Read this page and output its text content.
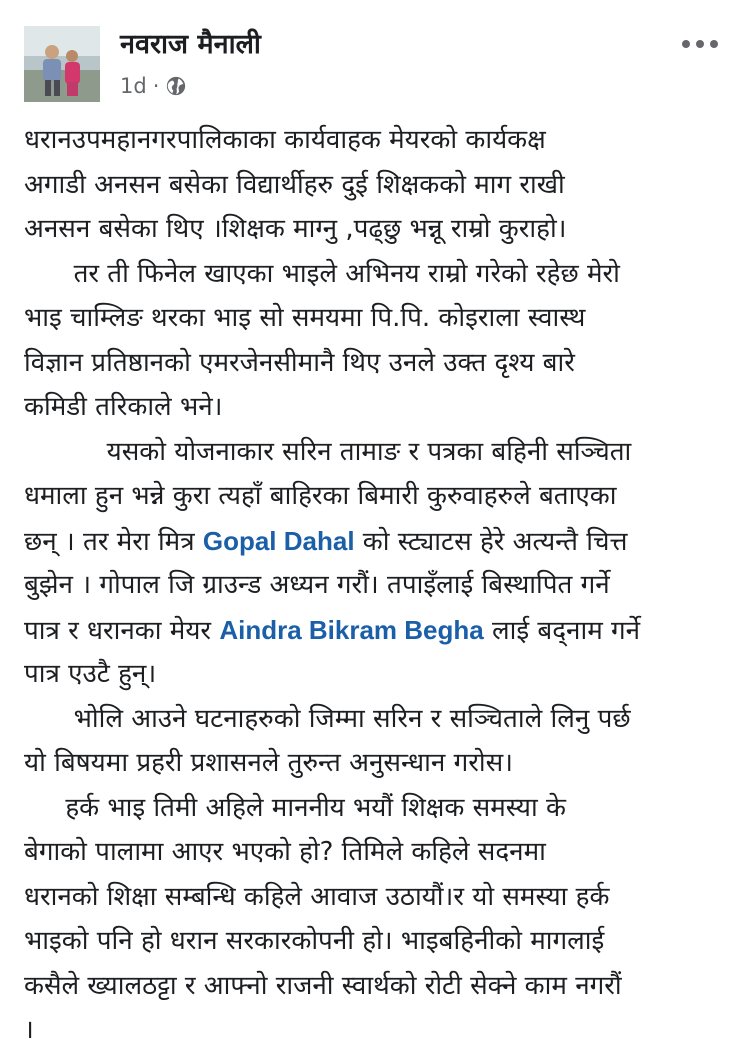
नवराज मैनाली
1d ·
धरानउपमहानगरपालिकाका कार्यवाहक मेयरको कार्यकक्ष
अगाडी अनसन बसेका विद्यार्थीहरु दुई शिक्षकको माग राखी
अनसन बसेका थिए ।शिक्षक माग्नु ,पढ्छु भन्नू राम्रो कुराहो।
तर ती फिनेल खाएका भाइले अभिनय राम्रो गरेको रहेछ मेरो
भाइ चाम्लिङ थरका भाइ सो समयमा पि.पि. कोइराला स्वास्थ
विज्ञान प्रतिष्ठानको एमरजेनसीमानै थिए उनले उक्त दृश्य बारे
कमिडी तरिकाले भने।
यसको योजनाकार सरिन तामाङ र पत्रका बहिनी सञ्चिता
धमाला हुन भन्ने कुरा त्यहाँ बाहिरका बिमारी कुरुवाहरुले बताएका
छन् । तर मेरा मित्र Gopal Dahal को स्ट्याटस हेरे अत्यन्तै चित्त
बुझेन । गोपाल जि ग्राउन्ड अध्यन गरौं। तपाइँलाई बिस्थापित गर्ने
पात्र र धरानका मेयर Aindra Bikram Begha लाई बद्नाम गर्ने
पात्र एउटै हुन्।
भोलि आउने घटनाहरुको जिम्मा सरिन र सञ्चिताले लिनु पर्छ
यो बिषयमा प्रहरी प्रशासनले तुरुन्त अनुसन्धान गरोस।
हर्क भाइ तिमी अहिले माननीय भयौं शिक्षक समस्या के
बेगाको पालामा आएर भएको हो? तिमिले कहिले सदनमा
धरानको शिक्षा सम्बन्धि कहिले आवाज उठायौं।र यो समस्या हर्क
भाइको पनि हो धरान सरकारकोपनी हो। भाइबहिनीको मागलाई
कसैले ख्यालठट्टा र आफ्नो राजनी स्वार्थको रोटी सेक्ने काम नगरौं
।
